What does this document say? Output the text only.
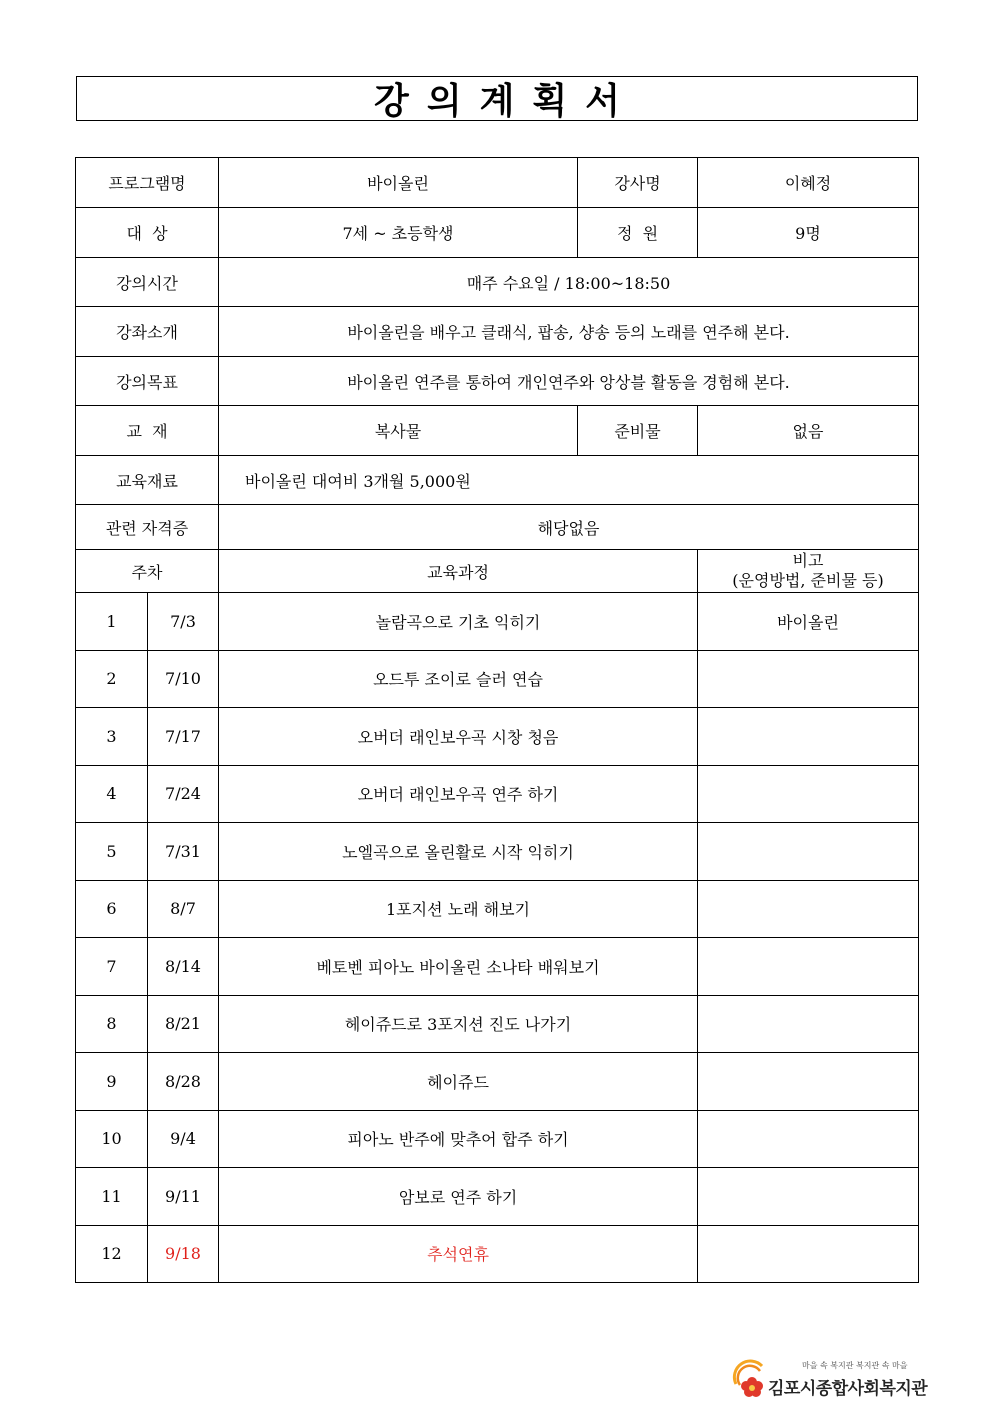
강의계획서
프로그램명		바이올린	강사명	이혜정
대  상		7세 ~ 초등학생	정  원	9명
강의시간		매주 수요일 / 18:00~18:50		
강좌소개		바이올린을 배우고 클래식, 팝송, 샹송 등의 노래를 연주해 본다.		
강의목표		바이올린 연주를 통하여 개인연주와 앙상블 활동을 경험해 본다.		
교  재		복사물	준비물	없음
교육재료		바이올린 대여비 3개월 5,000원		
관련 자격증		해당없음		
주차		교육과정		비고
(운영방법, 준비물 등)

1	7/3	놀람곡으로 기초 익히기		바이올린
2	7/10	오드투 조이로 슬러 연습		
3	7/17	오버더 래인보우곡 시창 청음		
4	7/24	오버더 래인보우곡 연주 하기		
5	7/31	노엘곡으로 올린활로 시작 익히기		
6	8/7	1포지션 노래 해보기		
7	8/14	베토벤 피아노 바이올린 소나타 배워보기		
8	8/21	헤이쥬드로 3포지션 진도 나가기		
9	8/28	헤이쥬드		
10	9/4	피아노 반주에 맞추어 합주 하기		
11	9/11	암보로 연주 하기		
12	9/18	추석연휴		
마을 속 복지관 복지관 속 마을
김포시종합사회복지관
